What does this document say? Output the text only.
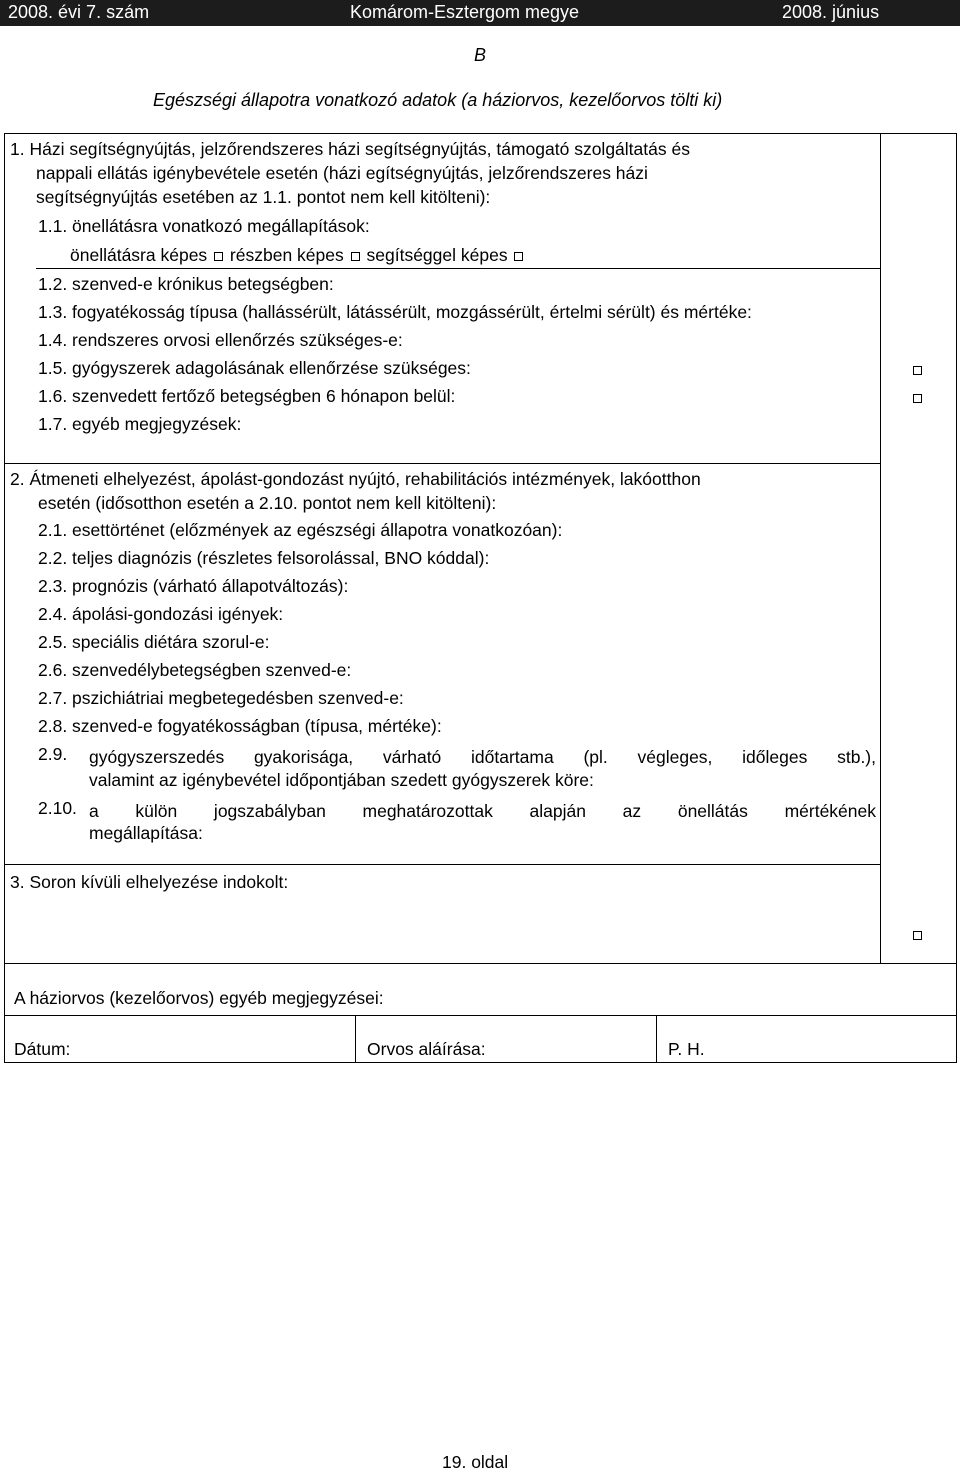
2008. évi 7. szám	Komárom-Esztergom megye	2008. június
B
Egészségi állapotra vonatkozó adatok (a háziorvos, kezelőorvos tölti ki)
1. Házi segítségnyújtás, jelzőrendszeres házi segítségnyújtás, támogató szolgáltatás és
nappali ellátás igénybevétele esetén (házi egítségnyújtás, jelzőrendszeres házi
segítségnyújtás esetében az 1.1. pontot nem kell kitölteni):
1.1. önellátásra vonatkozó megállapítások:
önellátásra képes részben képes segítséggel képes
1.2. szenved-e krónikus betegségben:
1.3. fogyatékosság típusa (hallássérült, látássérült, mozgássérült, értelmi sérült) és mértéke:
1.4. rendszeres orvosi ellenőrzés szükséges-e:
1.5. gyógyszerek adagolásának ellenőrzése szükséges:
1.6. szenvedett fertőző betegségben 6 hónapon belül:
1.7. egyéb megjegyzések:
2. Átmeneti elhelyezést, ápolást-gondozást nyújtó, rehabilitációs intézmények, lakóotthon
esetén (idősotthon esetén a 2.10. pontot nem kell kitölteni):
2.1. esettörténet (előzmények az egészségi állapotra vonatkozóan):
2.2. teljes diagnózis (részletes felsorolással, BNO kóddal):
2.3. prognózis (várható állapotváltozás):
2.4. ápolási-gondozási igények:
2.5. speciális diétára szorul-e:
2.6. szenvedélybetegségben szenved-e:
2.7. pszichiátriai megbetegedésben szenved-e:
2.8. szenved-e fogyatékosságban (típusa, mértéke):
2.9. gyógyszerszedés gyakorisága, várható időtartama (pl. végleges, időleges stb.),
valamint az igénybevétel időpontjában szedett gyógyszerek köre:
2.10. a külön jogszabályban meghatározottak alapján az önellátás mértékének
megállapítása:
3. Soron kívüli elhelyezése indokolt:
A háziorvos (kezelőorvos) egyéb megjegyzései:
Dátum:	Orvos aláírása:	P. H.
19. oldal
